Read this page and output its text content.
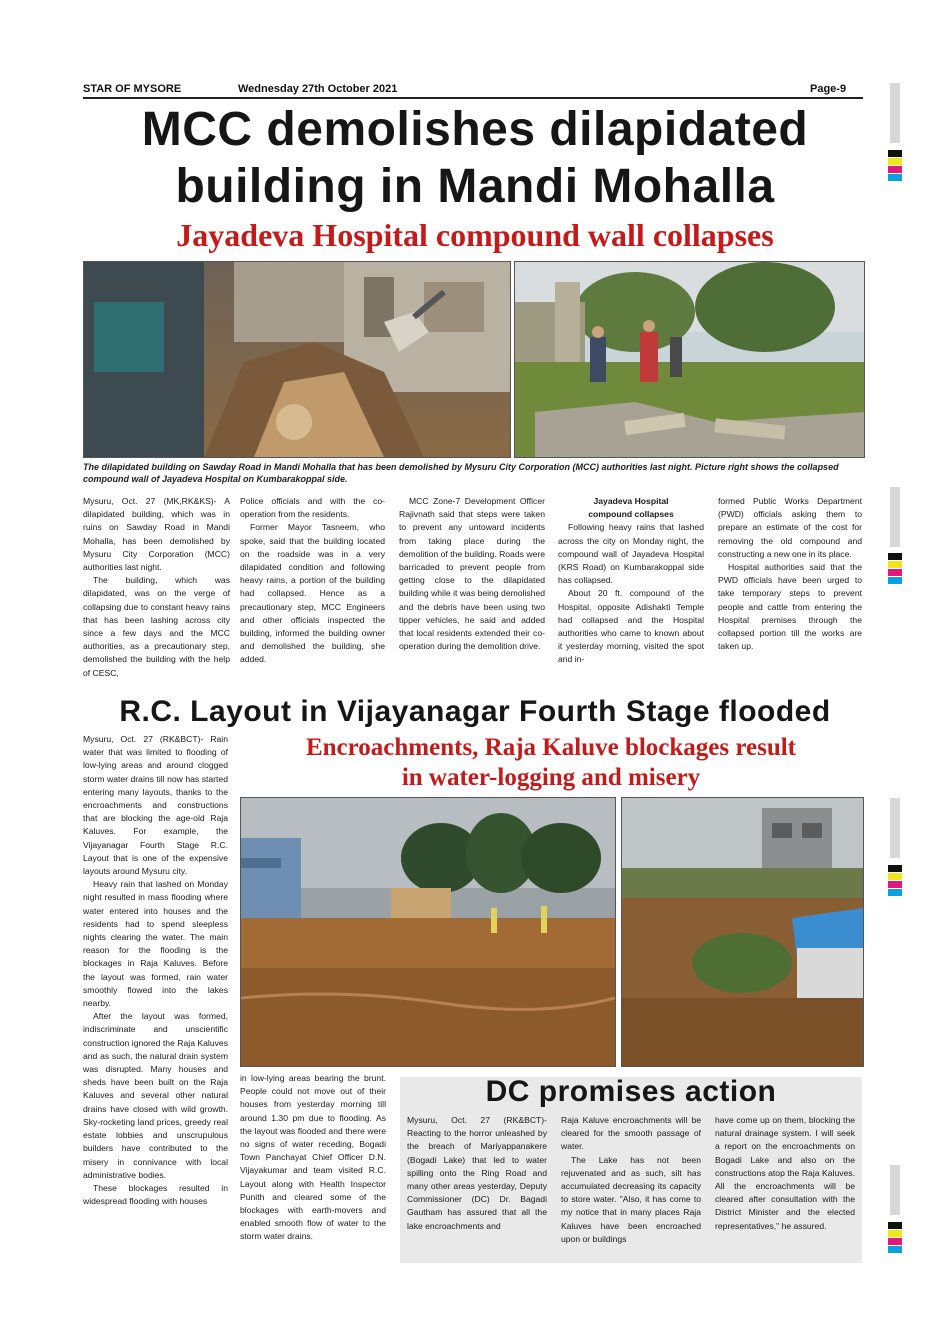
STAR OF MYSORE	Wednesday 27th October 2021	Page-9
MCC demolishes dilapidated
building in Mandi Mohalla
Jayadeva Hospital compound wall collapses
The dilapidated building on Sawday Road in Mandi Mohalla that has been demolished by Mysuru City Corporation (MCC) authorities last night. Picture right shows the collapsed compound wall of Jayadeva Hospital on Kumbarakoppal side.

Mysuru, Oct. 27 (MK,RK&KS)- A dilapidated building, which was in ruins on Sawday Road in Mandi Mohalla, has been demolished by Mysuru City Corporation (MCC) authorities last night.

The building, which was dilapidated, was on the verge of collapsing due to constant heavy rains that has been lashing across city since a few days and the MCC authorities, as a precautionary step, demolished the building with the help of CESC,

Police officials and with the co-operation from the residents.

Former Mayor Tasneem, who spoke, said that the building located on the roadside was in a very dilapidated condition and following heavy rains, a portion of the building had collapsed. Hence as a precautionary step, MCC Engineers and other officials inspected the building, informed the building owner and demolished the building, she added.

MCC Zone-7 Development Officer Rajivnath said that steps were taken to prevent any untoward incidents from taking place during the demolition of the building. Roads were barricaded to prevent people from getting close to the dilapidated building while it was being demolished and the debris have been using two tipper vehicles, he said and added that local residents extended their co-operation during the demolition drive.

Jayadeva Hospital

compound collapses

Following heavy rains that lashed across the city on Monday night, the compound wall of Jayadeva Hospital (KRS Road) on Kumbarakoppal side has collapsed.

About 20 ft. compound of the Hospital, opposite Adishakti Temple had collapsed and the Hospital authorities who came to known about it yesterday morning, visited the spot and in-

formed Public Works Department (PWD) officials asking them to prepare an estimate of the cost for removing the old compound and constructing a new one in its place.

Hospital authorities said that the PWD officials have been urged to take temporary steps to prevent people and cattle from entering the Hospital premises through the collapsed portion till the works are taken up.

R.C. Layout in Vijayanagar Fourth Stage flooded
Encroachments, Raja Kaluve blockages result
in water-logging and misery

Mysuru, Oct. 27 (RK&BCT)- Rain water that was limited to flooding of low-lying areas and around clogged storm water drains till now has started entering many layouts, thanks to the encroachments and constructions that are blocking the age-old Raja Kaluves. For example, the Vijayanagar Fourth Stage R.C. Layout that is one of the expensive layouts around Mysuru city.

Heavy rain that lashed on Monday night resulted in mass flooding where water entered into houses and the residents had to spend sleepless nights clearing the water. The main reason for the flooding is the blockages in Raja Kaluves. Before the layout was formed, rain water smoothly flowed into the lakes nearby.

After the layout was formed, indiscriminate and unscientific construction ignored the Raja Kaluves and as such, the natural drain system was disrupted. Many houses and sheds have been built on the Raja Kaluves and several other natural drains have closed with wild growth. Sky-rocketing land prices, greedy real estate lobbies and unscrupulous builders have contributed to the misery in connivance with local administrative bodies.

These blockages resulted in widespread flooding with houses

in low-lying areas bearing the brunt. People could not move out of their houses from yesterday morning till around 1.30 pm due to flooding. As the layout was flooded and there were no signs of water receding, Bogadi Town Panchayat Chief Officer D.N. Vijayakumar and team visited R.C. Layout along with Health Inspector Punith and cleared some of the blockages with earth-movers and enabled smooth flow of water to the storm water drains.

DC promises action

Mysuru, Oct. 27 (RK&BCT)- Reacting to the horror unleashed by the breach of Mariyappanakere (Bogadi Lake) that led to water spilling onto the Ring Road and many other areas yesterday, Deputy Commissioner (DC) Dr. Bagadi Gautham has assured that all the lake encroachments and

Raja Kaluve encroachments will be cleared for the smooth passage of water.

The Lake has not been rejuvenated and as such, silt has accumulated decreasing its capacity to store water. "Also, it has come to my notice that in many places Raja Kaluves have been encroached upon or buildings

have come up on them, blocking the natural drainage system. I will seek a report on the encroachments on Bogadi Lake and also on the constructions atop the Raja Kaluves. All the encroachments will be cleared after consultation with the District Minister and the elected representatives," he assured.
